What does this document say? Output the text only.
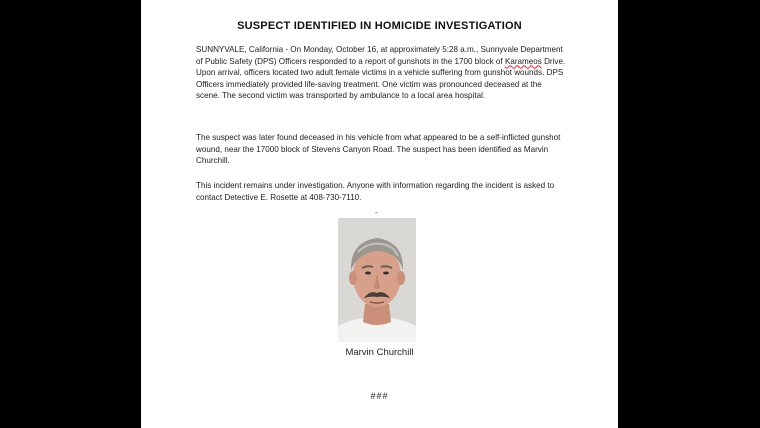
SUSPECT IDENTIFIED IN HOMICIDE INVESTIGATION

SUNNYVALE, California - On Monday, October 16, at approximately 5:28 a.m., Sunnyvale Department of Public Safety (DPS) Officers responded to a report of gunshots in the 1700 block of Karameos Drive. Upon arrival, officers located two adult female victims in a vehicle suffering from gunshot wounds. DPS Officers immediately provided life-saving treatment. One victim was pronounced deceased at the scene. The second victim was transported by ambulance to a local area hospital.

The suspect was later found deceased in his vehicle from what appeared to be a self-inflicted gunshot wound, near the 17000 block of Stevens Canyon Road. The suspect has been identified as Marvin Churchill.

This incident remains under investigation. Anyone with information regarding the incident is asked to contact Detective E. Rosette at 408-730-7110.

-
Marvin Churchill
###
